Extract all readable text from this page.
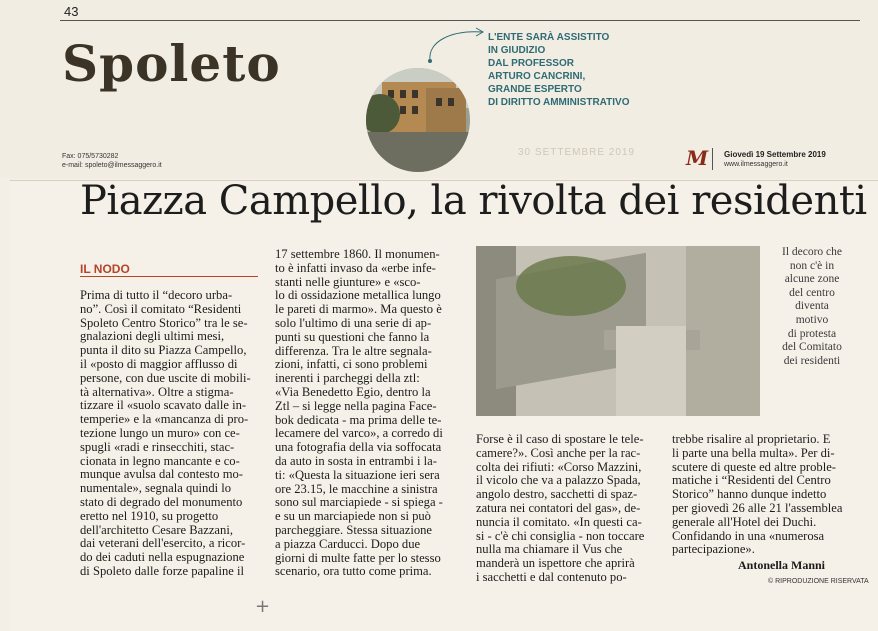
43
Spoleto
Fax: 075/5730282
e-mail: spoleto@ilmessaggero.it
L'ENTE SARÀ ASSISTITO
IN GIUDIZIO
DAL PROFESSOR
ARTURO CANCRINI,
GRANDE ESPERTO
DI DIRITTO AMMINISTRATIVO
30 SETTEMBRE 2019	M Giovedì 19 Settembre 2019
www.ilmessaggero.it
Piazza Campello, la rivolta dei residenti
IL NODO
Prima di tutto il “decoro urba-
no”. Così il comitato “Residenti
Spoleto Centro Storico” tra le se-
gnalazioni degli ultimi mesi,
punta il dito su Piazza Campello,
il «posto di maggior afflusso di
persone, con due uscite di mobili-
tà alternativa». Oltre a stigma-
tizzare il «suolo scavato dalle in-
temperie» e la «mancanza di pro-
tezione lungo un muro» con ce-
spugli «radi e rinsecchiti, stac-
cionata in legno mancante e co-
munque avulsa dal contesto mo-
numentale», segnala quindi lo
stato di degrado del monumento
eretto nel 1910, su progetto
dell'architetto Cesare Bazzani,
dai veterani dell'esercito, a ricor-
do dei caduti nella espugnazione
di Spoleto dalle forze papaline il
17 settembre 1860. Il monumen-
to è infatti invaso da «erbe infe-
stanti nelle giunture» e «sco-
lo di ossidazione metallica lungo
le pareti di marmo». Ma questo è
solo l'ultimo di una serie di ap-
punti su questioni che fanno la
differenza. Tra le altre segnala-
zioni, infatti, ci sono problemi
inerenti i parcheggi della ztl:
«Via Benedetto Egio, dentro la
Ztl – si legge nella pagina Face-
bok dedicata - ma prima delle te-
lecamere del varco», a corredo di
una fotografia della via soffocata
da auto in sosta in entrambi i la-
ti: «Questa la situazione ieri sera
ore 23.15, le macchine a sinistra
sono sul marciapiede - si spiega -
e su un marciapiede non si può
parcheggiare. Stessa situazione
a piazza Carducci. Dopo due
giorni di multe fatte per lo stesso
scenario, ora tutto come prima.
Il decoro che
non c'è in
alcune zone
del centro
diventa
motivo
di protesta
del Comitato
dei residenti
Forse è il caso di spostare le tele-
camere?». Così anche per la rac-
colta dei rifiuti: «Corso Mazzini,
il vicolo che va a palazzo Spada,
angolo destro, sacchetti di spaz-
zatura nei contatori del gas», de-
nuncia il comitato. «In questi ca-
si - c'è chi consiglia - non toccare
nulla ma chiamare il Vus che
manderà un ispettore che aprirà
i sacchetti e dal contenuto po-
trebbe risalire al proprietario. E
li parte una bella multa». Per di-
scutere di queste ed altre proble-
matiche i “Residenti del Centro
Storico” hanno dunque indetto
per giovedì 26 alle 21 l'assemblea
generale all'Hotel dei Duchi.
Confidando in una «numerosa
partecipazione».
Antonella Manni
© RIPRODUZIONE RISERVATA
+
